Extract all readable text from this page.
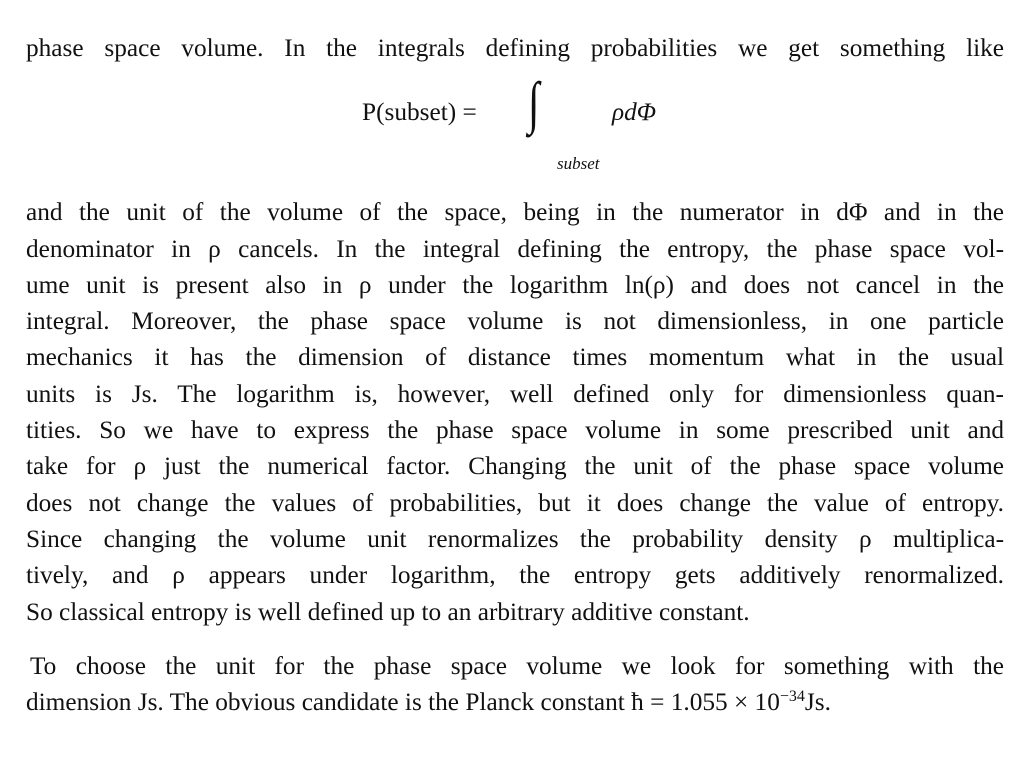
phase space volume. In the integrals defining probabilities we get something like
P(subset) = ∫
subset
ρdΦ
and the unit of the volume of the space, being in the numerator in dΦ and in the
denominator in ρ cancels. In the integral defining the entropy, the phase space vol-
ume unit is present also in ρ under the logarithm ln(ρ) and does not cancel in the
integral. Moreover, the phase space volume is not dimensionless, in one particle
mechanics it has the dimension of distance times momentum what in the usual
units is Js. The logarithm is, however, well defined only for dimensionless quan-
tities. So we have to express the phase space volume in some prescribed unit and
take for ρ just the numerical factor. Changing the unit of the phase space volume
does not change the values of probabilities, but it does change the value of entropy.
Since changing the volume unit renormalizes the probability density ρ multiplica-
tively, and ρ appears under logarithm, the entropy gets additively renormalized.
So classical entropy is well defined up to an arbitrary additive constant.
To choose the unit for the phase space volume we look for something with the
dimension Js. The obvious candidate is the Planck constant ħ = $1.055 \times 10^{-34}Js$.
